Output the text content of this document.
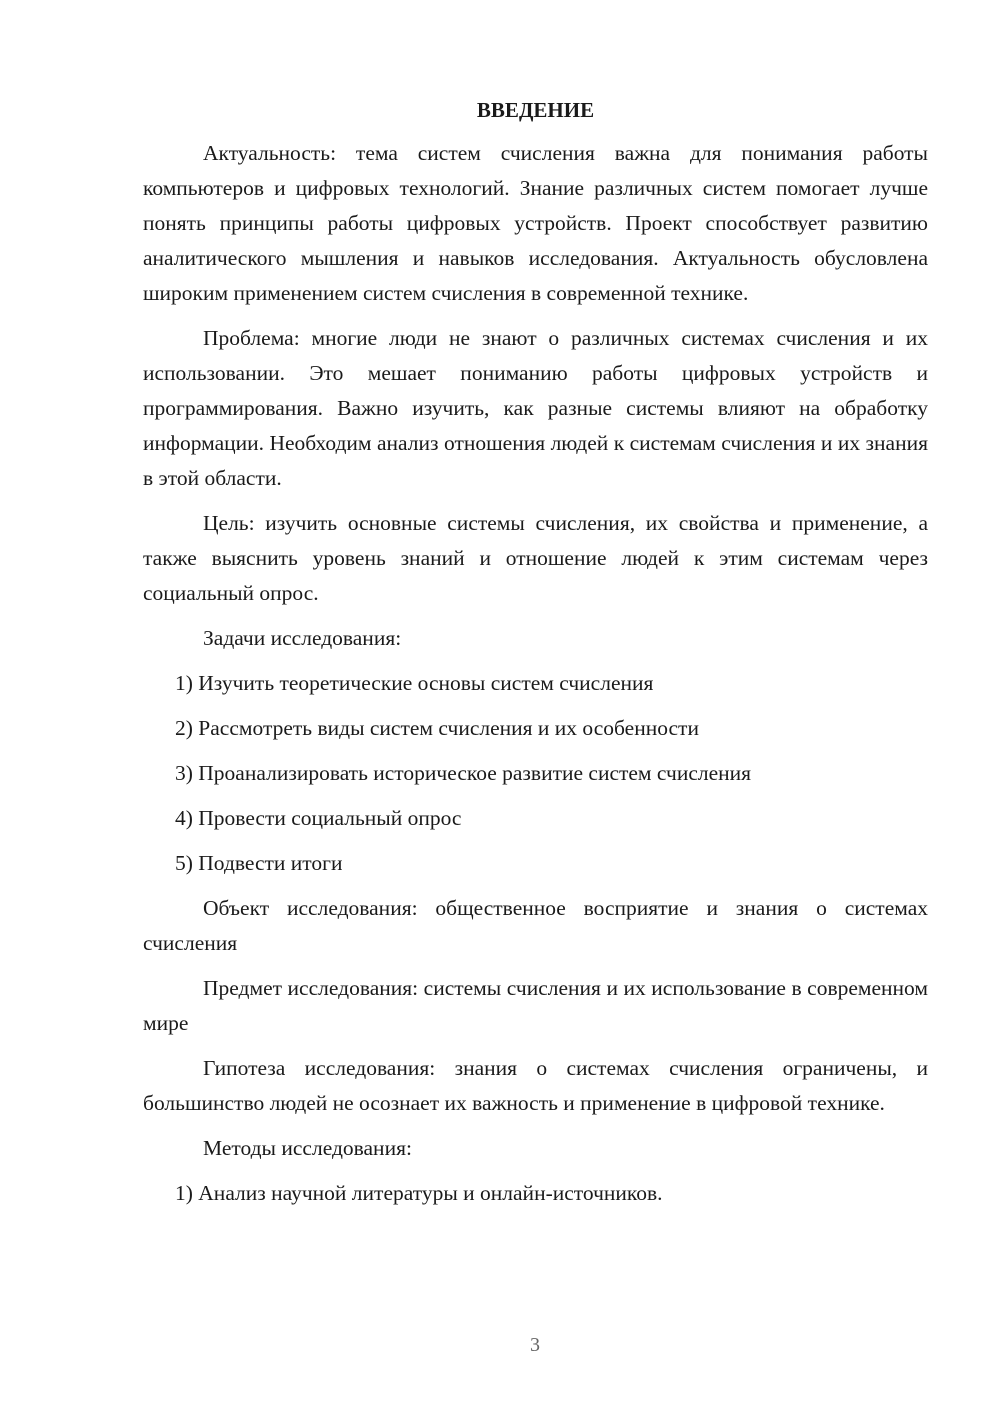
ВВЕДЕНИЕ

Актуальность: тема систем счисления важна для понимания работы компьютеров и цифровых технологий. Знание различных систем помогает лучше понять принципы работы цифровых устройств. Проект способствует развитию аналитического мышления и навыков исследования. Актуальность обусловлена широким применением систем счисления в современной технике.

Проблема: многие люди не знают о различных системах счисления и их использовании. Это мешает пониманию работы цифровых устройств и программирования. Важно изучить, как разные системы влияют на обработку информации. Необходим анализ отношения людей к системам счисления и их знания в этой области.

Цель: изучить основные системы счисления, их свойства и применение, а также выяснить уровень знаний и отношение людей к этим системам через социальный опрос.

Задачи исследования:

1) Изучить теоретические основы систем счисления
2) Рассмотреть виды систем счисления и их особенности
3) Проанализировать историческое развитие систем счисления
4) Провести социальный опрос
5) Подвести итоги

Объект исследования: общественное восприятие и знания о системах счисления

Предмет исследования: системы счисления и их использование в современном мире

Гипотеза исследования: знания о системах счисления ограничены, и большинство людей не осознает их важность и применение в цифровой технике.

Методы исследования:

1) Анализ научной литературы и онлайн-источников.
3
